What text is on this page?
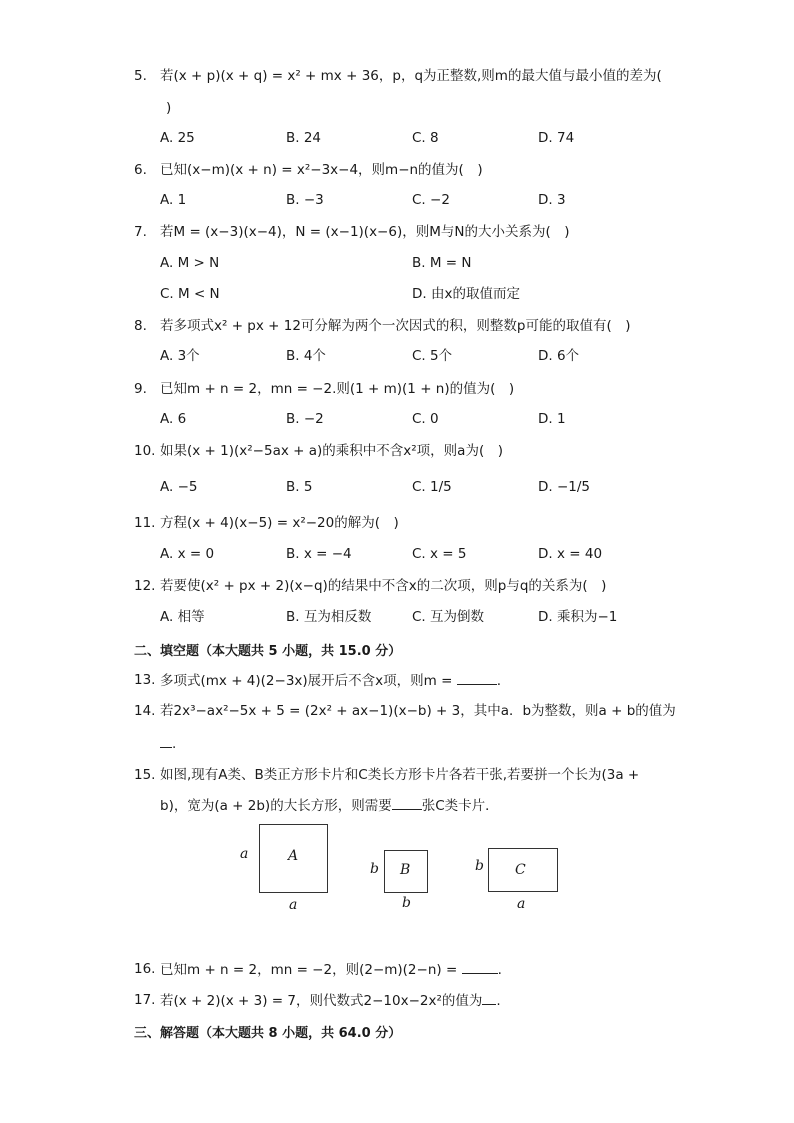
5. 若(x + p)(x + q) = x² + mx + 36，p，q为正整数,则m的最大值与最小值的差为(
)
A. 25	B. 24	C. 8	D. 74
6. 已知(x−m)(x + n) = x²−3x−4，则m−n的值为(　)
A. 1	B. −3	C. −2	D. 3
7. 若M = (x−3)(x−4)，N = (x−1)(x−6)，则M与N的大小关系为(　)
A. M > N	B. M = N
C. M < N	D. 由x的取值而定
8. 若多项式x² + px + 12可分解为两个一次因式的积，则整数p可能的取值有(　)
A. 3个	B. 4个	C. 5个	D. 6个
9. 已知m + n = 2，mn = −2.则(1 + m)(1 + n)的值为(　)
A. 6	B. −2	C. 0	D. 1
10. 如果(x + 1)(x²−5ax + a)的乘积中不含x²项，则a为(　)
A. −5	B. 5	C. 1/5	D. −1/5
11. 方程(x + 4)(x−5) = x²−20的解为(　)
A. x = 0	B. x = −4	C. x = 5	D. x = 40
12. 若要使(x² + px + 2)(x−q)的结果中不含x的二次项，则p与q的关系为(　)
A. 相等	B. 互为相反数	C. 互为倒数	D. 乘积为−1
二、填空题（本大题共 5 小题，共 15.0 分）
13. 多项式(mx + 4)(2−3x)展开后不含x项，则m =	.
14. 若2x³−ax²−5x + 5 = (2x² + ax−1)(x−b) + 3，其中a．b为整数，则a + b的值为
.
15. 如图,现有A类、B类正方形卡片和C类长方形卡片各若干张,若要拼一个长为(3a +
b)，宽为(a + 2b)的大长方形，则需要 张C类卡片．
A
a
a
B
b
b
C
b
a
16. 已知m + n = 2，mn = −2，则(2−m)(2−n) =	.
17. 若(x + 2)(x + 3) = 7，则代数式2−10x−2x²的值为 .
三、解答题（本大题共 8 小题，共 64.0 分）
